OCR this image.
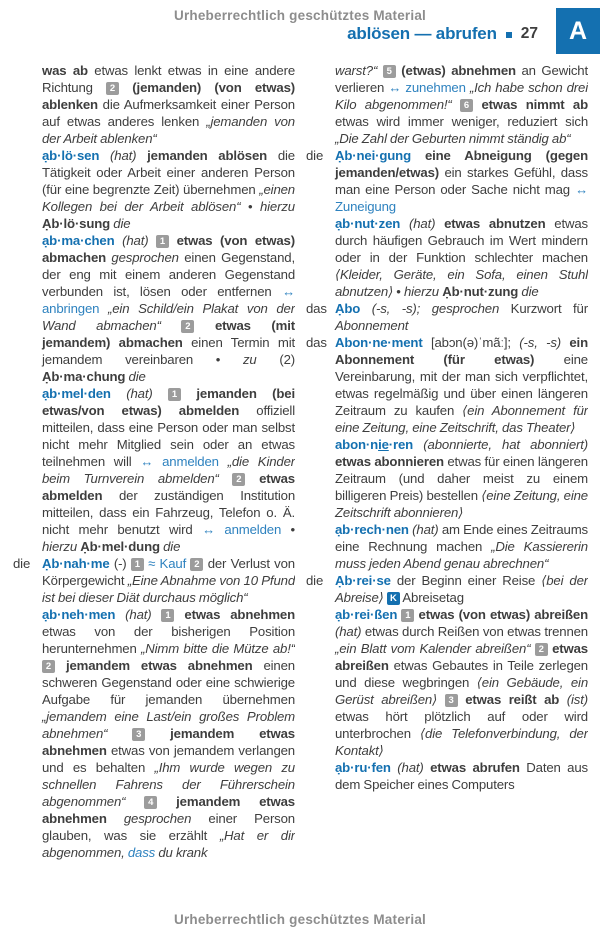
Urheberrechtlich geschütztes Material
ablösen — abrufen 27	A

was ab etwas lenkt etwas in eine andere Richtung 2 (jemanden) (von etwas) ablenken die Aufmerksamkeit einer Person auf etwas anderes lenken „jemanden von der Arbeit ablenken“

ạb·lö·sen (hat) jemanden ablösen die Tätigkeit oder Arbeit einer anderen Person (für eine begrenzte Zeit) übernehmen „einen Kollegen bei der Arbeit ablösen“ • hierzu Ạb·lö·sung die

ạb·ma·chen (hat) 1 etwas (von etwas) abmachen gesprochen einen Gegenstand, der eng mit einem anderen Gegenstand verbunden ist, lösen oder entfernen ↔ anbringen „ein Schild/ein Plakat von der Wand abmachen“ 2 etwas (mit jemandem) abmachen einen Termin mit jemandem vereinbaren • zu (2) Ạb·ma·chung die

ạb·mel·den (hat) 1 jemanden (bei etwas/von etwas) abmelden offiziell mitteilen, dass eine Person oder man selbst nicht mehr Mitglied sein oder an etwas teilnehmen will ↔ anmelden „die Kinder beim Turnverein abmelden“ 2 etwas abmelden der zuständigen Institution mitteilen, dass ein Fahrzeug, Telefon o. Ä. nicht mehr benutzt wird ↔ anmelden • hierzu Ạb·mel·dung die

die Ạb·nah·me (-) 1 ≈ Kauf 2 der Verlust von Körpergewicht „Eine Abnahme von 10 Pfund ist bei dieser Diät durchaus möglich“

ạb·neh·men (hat) 1 etwas abnehmen etwas von der bisherigen Position herunternehmen „Nimm bitte die Mütze ab!“ 2 jemandem etwas abnehmen einen schweren Gegenstand oder eine schwierige Aufgabe für jemanden übernehmen „jemandem eine Last/ein großes Problem abnehmen“ 3 jemandem etwas abnehmen etwas von jemandem verlangen und es behalten „Ihm wurde wegen zu schnellen Fahrens der Führerschein abgenommen“ 4 jemandem etwas abnehmen gesprochen einer Person glauben, was sie erzählt „Hat er dir abgenommen, dass du krank

warst?“ 5 (etwas) abnehmen an Gewicht verlieren ↔ zunehmen „Ich habe schon drei Kilo abgenommen!“ 6 etwas nimmt ab etwas wird immer weniger, reduziert sich „Die Zahl der Geburten nimmt ständig ab“

die Ạb·nei·gung eine Abneigung (gegen jemanden/etwas) ein starkes Gefühl, dass man eine Person oder Sache nicht mag ↔ Zuneigung

ạb·nut·zen (hat) etwas abnutzen etwas durch häufigen Gebrauch im Wert mindern oder in der Funktion schlechter machen ⟨Kleider, Geräte, ein Sofa, einen Stuhl abnutzen⟩ • hierzu Ạb·nut·zung die

das Ạbo (-s, -s); gesprochen Kurzwort für Abonnement

das Abon·ne·ment [abɔn(ə)ˈmãː]; (-s, -s) ein Abonnement (für etwas) eine Vereinbarung, mit der man sich verpflichtet, etwas regelmäßig und über einen längeren Zeitraum zu kaufen ⟨ein Abonnement für eine Zeitung, eine Zeitschrift, das Theater⟩

abon·nie·ren (abonnierte, hat abonniert) etwas abonnieren etwas für einen längeren Zeitraum (und daher meist zu einem billigeren Preis) bestellen ⟨eine Zeitung, eine Zeitschrift abonnieren⟩

ạb·rech·nen (hat) am Ende eines Zeitraums eine Rechnung machen „Die Kassiererin muss jeden Abend genau abrechnen“

die Ạb·rei·se der Beginn einer Reise ⟨bei der Abreise⟩ K Abreisetag

ạb·rei·ßen 1 etwas (von etwas) abreißen (hat) etwas durch Reißen von etwas trennen „ein Blatt vom Kalender abreißen“ 2 etwas abreißen etwas Gebautes in Teile zerlegen und diese wegbringen ⟨ein Gebäude, ein Gerüst abreißen⟩ 3 etwas reißt ab (ist) etwas hört plötzlich auf oder wird unterbrochen ⟨die Telefonverbindung, der Kontakt⟩

ạb·ru·fen (hat) etwas abrufen Daten aus dem Speicher eines Computers

Urheberrechtlich geschütztes Material
